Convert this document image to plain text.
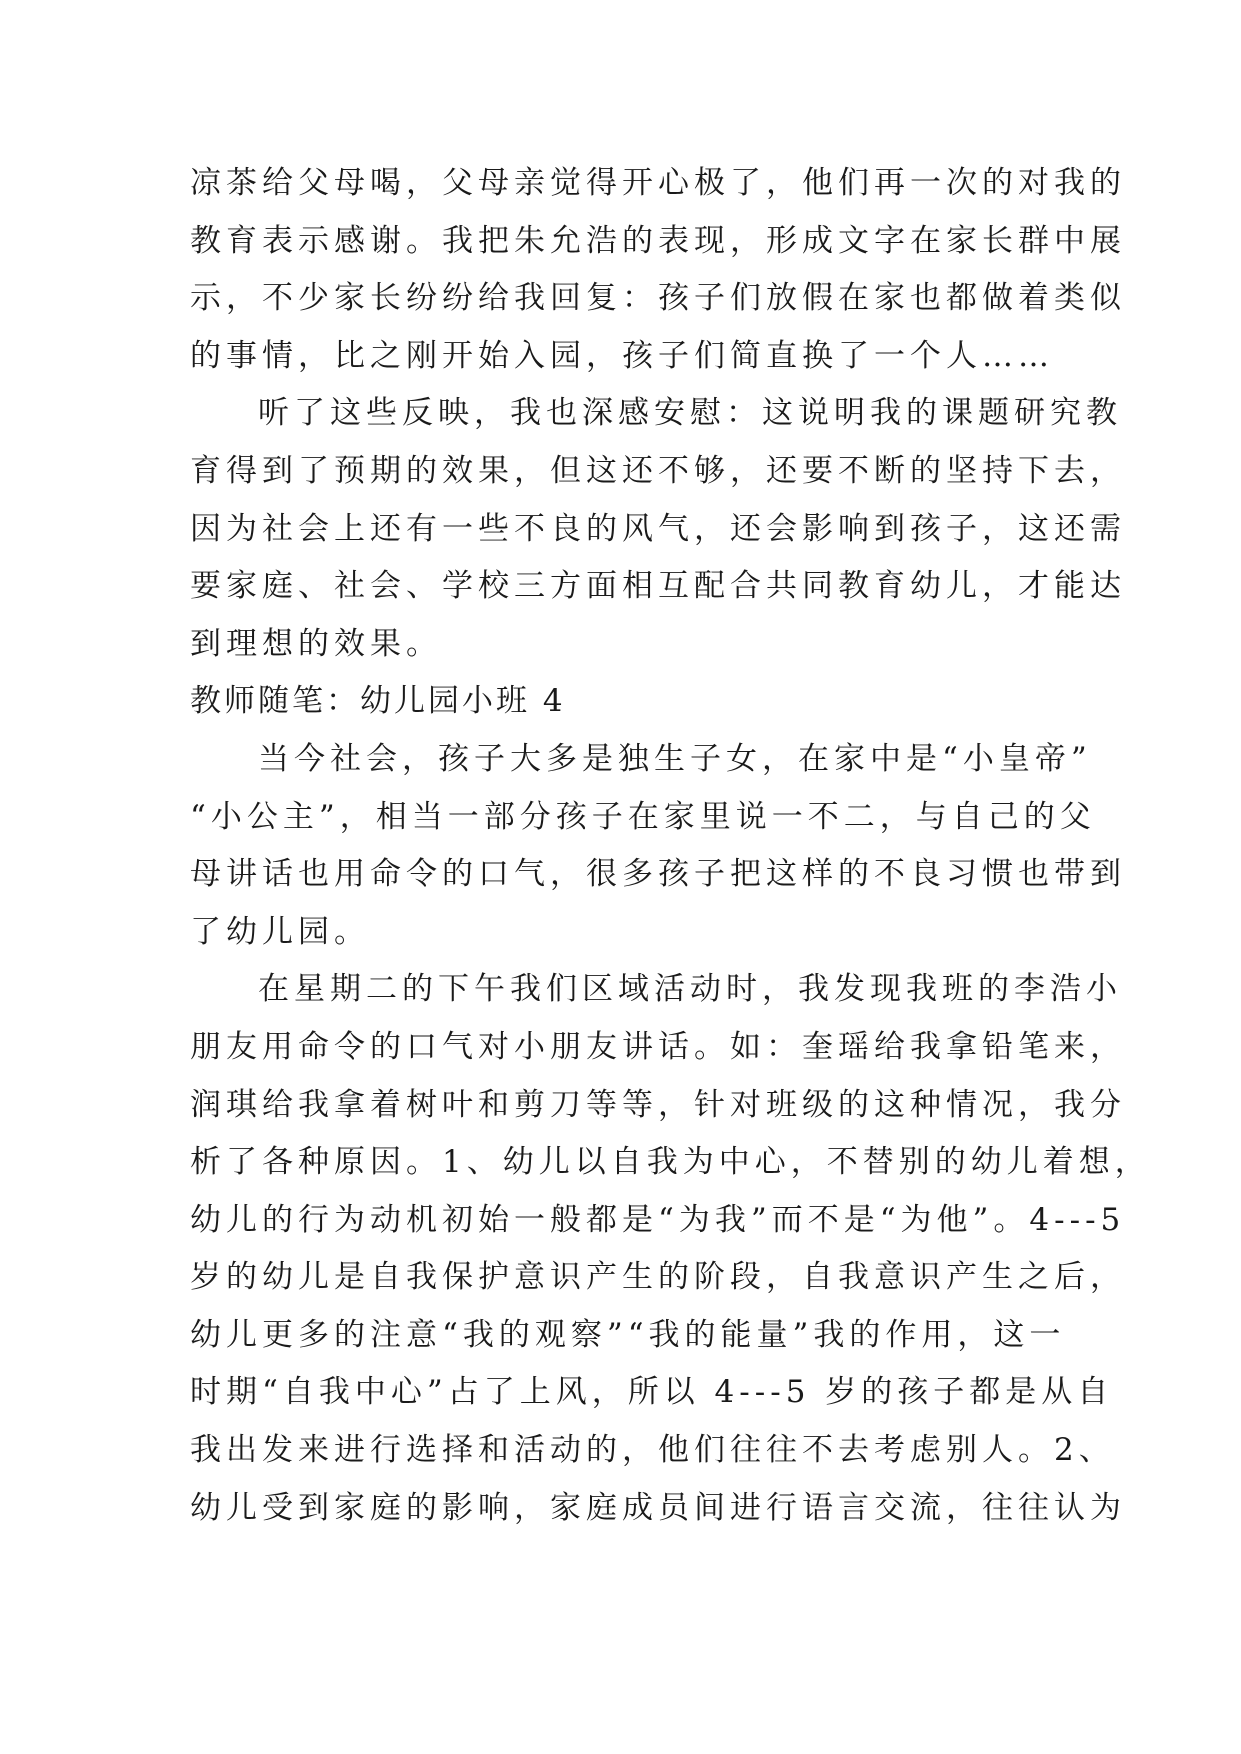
凉茶给父母喝，父母亲觉得开心极了，他们再一次的对我的
教育表示感谢。我把朱允浩的表现，形成文字在家长群中展
示，不少家长纷纷给我回复：孩子们放假在家也都做着类似
的事情，比之刚开始入园，孩子们简直换了一个人……
听了这些反映，我也深感安慰：这说明我的课题研究教
育得到了预期的效果，但这还不够，还要不断的坚持下去，
因为社会上还有一些不良的风气，还会影响到孩子，这还需
要家庭、社会、学校三方面相互配合共同教育幼儿，才能达
到理想的效果。
教师随笔：幼儿园小班 4
当今社会，孩子大多是独生子女，在家中是“小皇帝”
“小公主”，相当一部分孩子在家里说一不二，与自己的父
母讲话也用命令的口气，很多孩子把这样的不良习惯也带到
了幼儿园。
在星期二的下午我们区域活动时，我发现我班的李浩小
朋友用命令的口气对小朋友讲话。如：奎瑶给我拿铅笔来，
润琪给我拿着树叶和剪刀等等，针对班级的这种情况，我分
析了各种原因。1、幼儿以自我为中心，不替别的幼儿着想，
幼儿的行为动机初始一般都是“为我”而不是“为他”。4---5
岁的幼儿是自我保护意识产生的阶段，自我意识产生之后，
幼儿更多的注意“我的观察”“我的能量”我的作用，这一
时期“自我中心”占了上风，所以 4---5 岁的孩子都是从自
我出发来进行选择和活动的，他们往往不去考虑别人。2、
幼儿受到家庭的影响，家庭成员间进行语言交流，往往认为
